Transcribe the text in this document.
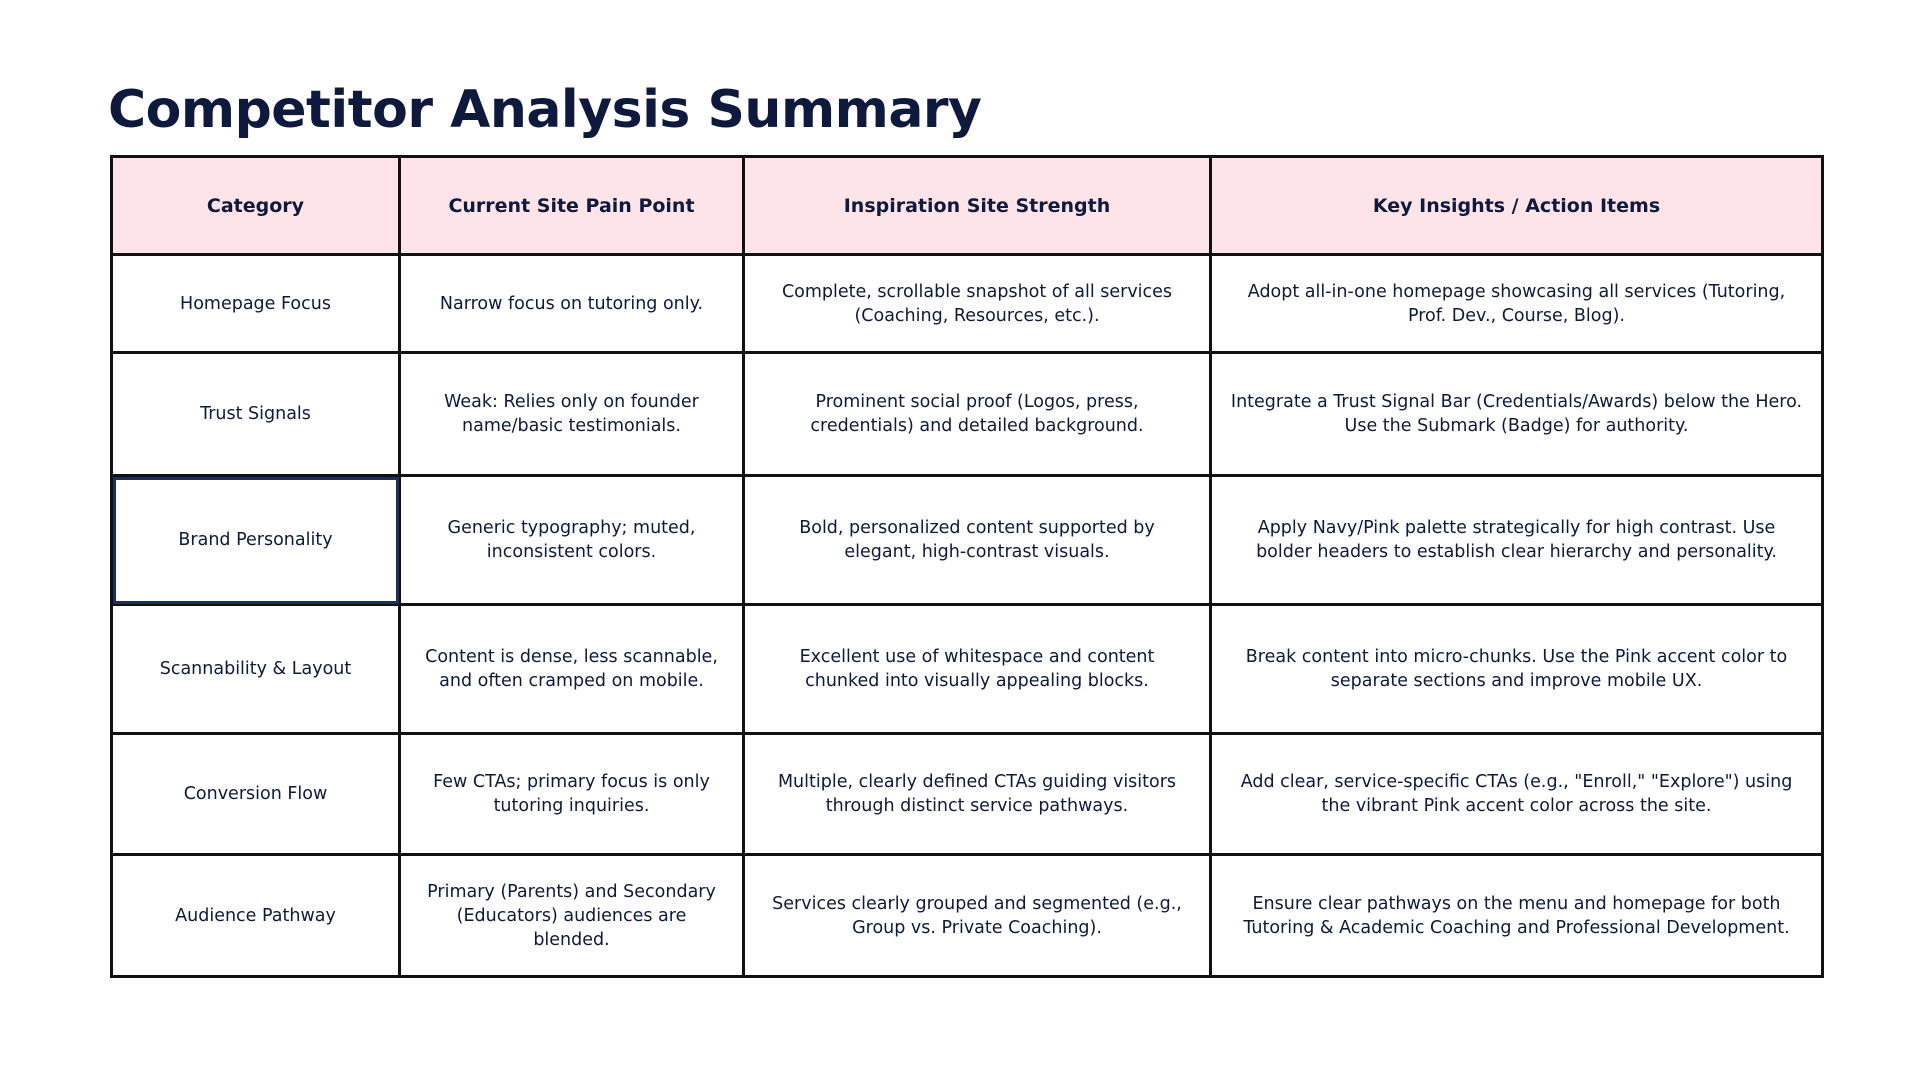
Competitor Analysis Summary
Category	Current Site Pain Point	Inspiration Site Strength	Key Insights / Action Items
Homepage Focus	Narrow focus on tutoring only.	Complete, scrollable snapshot of all services (Coaching, Resources, etc.).	Adopt all-in-one homepage showcasing all services (Tutoring, Prof. Dev., Course, Blog).
Trust Signals	Weak: Relies only on founder name/basic testimonials.	Prominent social proof (Logos, press, credentials) and detailed background.	Integrate a Trust Signal Bar (Credentials/Awards) below the Hero. Use the Submark (Badge) for authority.
Brand Personality	Generic typography; muted, inconsistent colors.	Bold, personalized content supported by elegant, high-contrast visuals.	Apply Navy/Pink palette strategically for high contrast. Use bolder headers to establish clear hierarchy and personality.
Scannability & Layout	Content is dense, less scannable, and often cramped on mobile.	Excellent use of whitespace and content chunked into visually appealing blocks.	Break content into micro-chunks. Use the Pink accent color to separate sections and improve mobile UX.
Conversion Flow	Few CTAs; primary focus is only tutoring inquiries.	Multiple, clearly defined CTAs guiding visitors through distinct service pathways.	Add clear, service-specific CTAs (e.g., "Enroll," "Explore") using the vibrant Pink accent color across the site.
Audience Pathway	Primary (Parents) and Secondary (Educators) audiences are blended.	Services clearly grouped and segmented (e.g., Group vs. Private Coaching).	Ensure clear pathways on the menu and homepage for both Tutoring & Academic Coaching and Professional Development.
